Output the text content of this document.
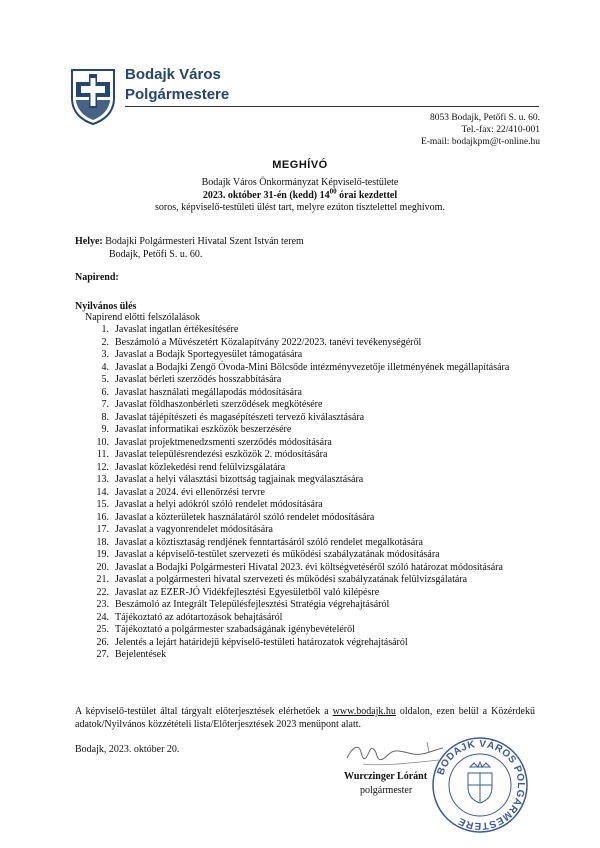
Bodajk Város
Polgármestere
8053 Bodajk, Petőfi S. u. 60.
Tel.-fax: 22/410-001
E-mail: bodajkpm@t-online.hu
MEGHÍVÓ
Bodajk Város Önkormányzat Képviselő-testülete
2023. október 31-én (kedd) $14^{00}$ órai kezdettel
soros, képviselő-testületi ülést tart, melyre ezúton tisztelettel meghívom.
Helye: Bodajki Polgármesteri Hivatal Szent István terem
Bodajk, Petőfi S. u. 60.
Napirend:
Nyilvános ülés
Napirend előtti felszólalások
1. Javaslat ingatlan értékesítésére
2. Beszámoló a Művészetért Közalapítvány 2022/2023. tanévi tevékenységéről
3. Javaslat a Bodajk Sportegyesület támogatására
4. Javaslat a Bodajki Zengő Óvoda-Mini Bölcsőde intézményvezetője illetményének megállapítására
5. Javaslat bérleti szerződés hosszabbítására
6. Javaslat használati megállapodás módosítására
7. Javaslat földhaszonbérleti szerződések megkötésére
8. Javaslat tájépítészeti és magasépítészeti tervező kiválasztására
9. Javaslat informatikai eszközök beszerzésére
10. Javaslat projektmenedzsmenti szerződés módosítására
11. Javaslat településrendezési eszközök 2. módosítására
12. Javaslat közlekedési rend felülvizsgálatára
13. Javaslat a helyi választási bizottság tagjainak megválasztására
14. Javaslat a 2024. évi ellenőrzési tervre
15. Javaslat a helyi adókról szóló rendelet módosítására
16. Javaslat a közterületek használatáról szóló rendelet módosítására
17. Javaslat a vagyonrendelet módosítására
18. Javaslat a köztisztaság rendjének fenntartásáról szóló rendelet megalkotására
19. Javaslat a képviselő-testület szervezeti és működési szabályzatának módosítására
20. Javaslat a Bodajki Polgármesteri Hivatal 2023. évi költségvetéséről szóló határozat módosítására
21. Javaslat a polgármesteri hivatal szervezeti és működési szabályzatának felülvizsgálatára
22. Javaslat az EZER-JÓ Vidékfejlesztési Egyesületből való kilépésre
23. Beszámoló az Integrált Településfejlesztési Stratégia végrehajtásáról
24. Tájékoztató az adótartozások behajtásáról
25. Tájékoztató a polgármester szabadságának igénybevételéről
26. Jelentés a lejárt határidejű képviselő-testületi határozatok végrehajtásáról
27. Bejelentések
A képviselő-testület által tárgyalt előterjesztések elérhetőek a www.bodajk.hu oldalon, ezen belül a Közérdekű adatok/Nyilvános közzétételi lista/Előterjesztések 2023 menüpont alatt.
Bodajk, 2023. október 20.
Wurczinger Lóránt
polgármester
BODAJK VÁROS POLGÁRMESTERE
